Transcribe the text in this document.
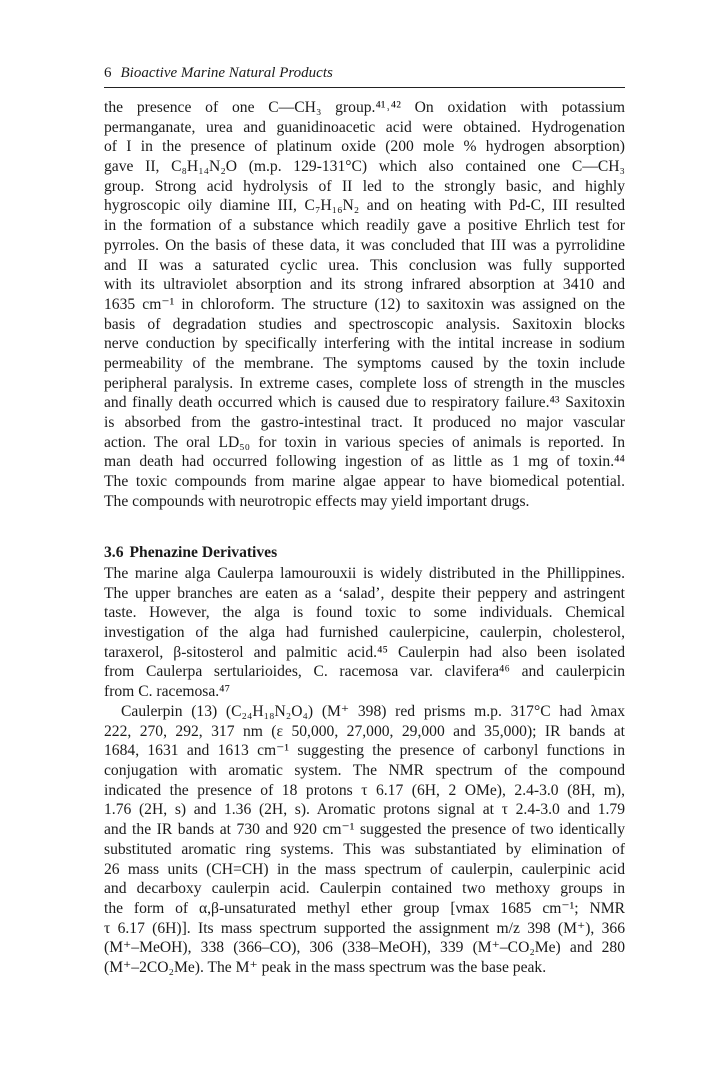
6 Bioactive Marine Natural Products
the presence of one C—CH₃ group.⁴¹˒⁴² On oxidation with potassium
permanganate, urea and guanidinoacetic acid were obtained. Hydrogenation
of I in the presence of platinum oxide (200 mole % hydrogen absorption)
gave II, C₈H₁₄N₂O (m.p. 129-131°C) which also contained one C—CH₃
group. Strong acid hydrolysis of II led to the strongly basic, and highly
hygroscopic oily diamine III, C₇H₁₆N₂ and on heating with Pd-C, III resulted
in the formation of a substance which readily gave a positive Ehrlich test for
pyrroles. On the basis of these data, it was concluded that III was a pyrrolidine
and II was a saturated cyclic urea. This conclusion was fully supported
with its ultraviolet absorption and its strong infrared absorption at 3410 and
1635 cm⁻¹ in chloroform. The structure (12) to saxitoxin was assigned on the
basis of degradation studies and spectroscopic analysis. Saxitoxin blocks
nerve conduction by specifically interfering with the intital increase in sodium
permeability of the membrane. The symptoms caused by the toxin include
peripheral paralysis. In extreme cases, complete loss of strength in the muscles
and finally death occurred which is caused due to respiratory failure.⁴³ Saxitoxin
is absorbed from the gastro-intestinal tract. It produced no major vascular
action. The oral LD₅₀ for toxin in various species of animals is reported. In
man death had occurred following ingestion of as little as 1 mg of toxin.⁴⁴
The toxic compounds from marine algae appear to have biomedical potential.
The compounds with neurotropic effects may yield important drugs.
3.6 Phenazine Derivatives
The marine alga Caulerpa lamourouxii is widely distributed in the Phillippines.
The upper branches are eaten as a ‘salad’, despite their peppery and astringent
taste. However, the alga is found toxic to some individuals. Chemical
investigation of the alga had furnished caulerpicine, caulerpin, cholesterol,
taraxerol, β-sitosterol and palmitic acid.⁴⁵ Caulerpin had also been isolated
from Caulerpa sertularioides, C. racemosa var. clavifera⁴⁶ and caulerpicin
from C. racemosa.⁴⁷
Caulerpin (13) (C₂₄H₁₈N₂O₄) (M⁺ 398) red prisms m.p. 317°C had λmax
222, 270, 292, 317 nm (ε 50,000, 27,000, 29,000 and 35,000); IR bands at
1684, 1631 and 1613 cm⁻¹ suggesting the presence of carbonyl functions in
conjugation with aromatic system. The NMR spectrum of the compound
indicated the presence of 18 protons τ 6.17 (6H, 2 OMe), 2.4-3.0 (8H, m),
1.76 (2H, s) and 1.36 (2H, s). Aromatic protons signal at τ 2.4-3.0 and 1.79
and the IR bands at 730 and 920 cm⁻¹ suggested the presence of two identically
substituted aromatic ring systems. This was substantiated by elimination of
26 mass units (CH=CH) in the mass spectrum of caulerpin, caulerpinic acid
and decarboxy caulerpin acid. Caulerpin contained two methoxy groups in
the form of α,β-unsaturated methyl ether group [νmax 1685 cm⁻¹; NMR
τ 6.17 (6H)]. Its mass spectrum supported the assignment m/z 398 (M⁺), 366
(M⁺–MeOH), 338 (366–CO), 306 (338–MeOH), 339 (M⁺–CO₂Me) and 280
(M⁺–2CO₂Me). The M⁺ peak in the mass spectrum was the base peak.
